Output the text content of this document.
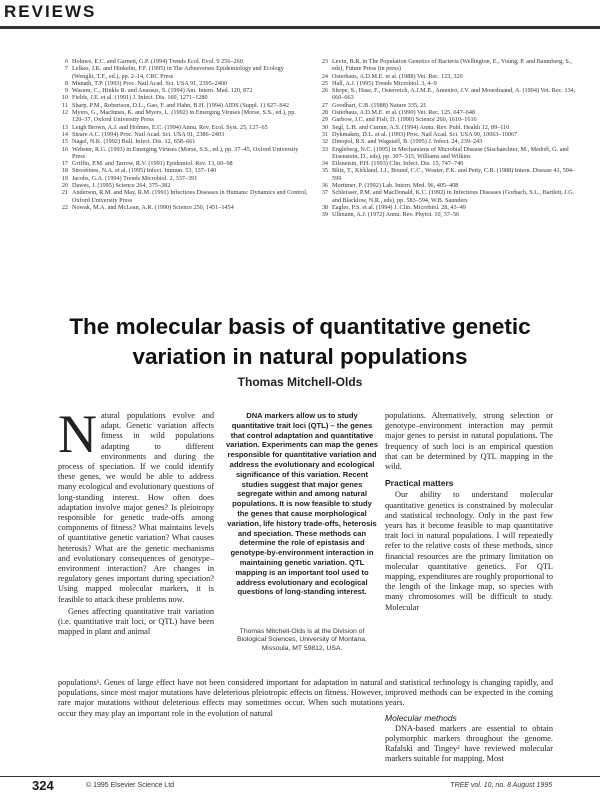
REVIEWS
6 Holmes, E.C. and Garnett, G.P. (1994) Trends Ecol. Evol. 9 256–260
7 Lelkes, J.K. and Hinkelm, F.F. (1995) in The Arbusverses Epidemiology and Ecology (Wenglit, T.F., ed.), pp. 2–14, CRC Press
8 Munath, T.P. (1993) Proc. Natl Acad. Sci. USA 91, 2395–2400
9 Wasum, C., Hinkle R. and Anassus, S. (1994) Am. Intern. Med. 120, 872
10 Fields, J.E. et al. (1991) J. Infect. Dis. 160, 1271–1280
11 Sharp, P.M., Robertson, D.L., Gao, F. and Hahn, B.H. (1994) AIDS (Suppl. 1) S27–S42
12 Myers, G., MacInnes, K. and Myers, L. (1992) in Emerging Viruses (Morse, S.S., ed.), pp. 120–37, Oxford University Press
13 Leigh Brown, A.J. and Holmes, E.C. (1994) Annu. Rev. Ecol. Syst. 25, 127–65
14 Steare A.C. (1994) Proc. Natl Acad. Sci. USA 91, 2386–2403
15 Nagel, N.K. (1992) Bull. Infect. Dis. 12, 658–661
16 Webster, R.G. (1993) in Emerging Viruses (Morse, S.S., ed.), pp. 37–45, Oxford University Press
17 Griffin, P.M. and Tarrow, R.V. (1991) Epidemiol. Rev. 13, 60–98
18 Stroobines, N.A. et al. (1995) Infect. Immun. 53, 137–140
19 Jacobs, G.A. (1994) Trends Microbiol. 2, 337–391
20 Dawes, J. (1995) Science 264, 375–382
21 Anderson, R.M. and May, R.M. (1991) Infectious Diseases in Humans: Dynamics and Control, Oxford University Press
22 Nowak, M.A. and McLean, A.R. (1990) Science 250, 1451–1454
23 Levin, B.R. in The Population Genetics of Bacteria (Wellington, E., Young, P. and Baumberg, S., eds), Future Press (in press)
24 Osterhaus, A.D.M.E. et al. (1988) Vet. Rec. 123, 326
25 Hall, A.J. (1995) Trends Microbiol. 3, 4–9
26 Shope, S., Hase, F., Osterreich, A.J.M.E., Ameniro, J.V. and Mourdraand, A. (1994) Vet. Rec. 134, 660–663
27 Goodhart, C.B. (1988) Nature 335, 21
28 Osterhaus, A.D.M.E. et al. (1990) Vet. Rec. 125, 647–648
29 Garbow, J.C. and Fish, D. (1990) Science 260, 1610–1616
30 Segl, L.H. and Curran, A.S. (1994) Annu. Rev. Publ. Health 12, 89–110
31 Dykmaken, D.L. et al. (1993) Proc. Natl Acad. Sci. USA 90, 10063–10067
32 Dinopol, R.S. and Wagstaff, B. (1995) J. Infect. 24, 239–243
33 Engleberg, N.C. (1995) in Mechanisms of Microbial Disease (Sischaechter, M., Medoff, G. and Eisenstein, D., eds), pp. 307–315, Williams and Wilkins
34 Eilsneisin, P.H. (1993) Clin. Infect. Dis. 15, 747–740
35 Blitz, T., Kirkland, J.J., Bound, C.C., Wouter, F.K. and Petty, C.R. (1988) Intern. Disease 41, 594–599
36 Mortimer, P. (1992) Lab. Intern. Med. 96, 405–408
37 Schleisser, P.M. and MacDonald, K.C. (1992) in Infectious Diseases (Gorbach, S.L., Bartlett, J.G. and Blacklow, N.R., eds), pp. 583–594, W.B. Saunders
38 Eagles, P.S. et al. (1994) J. Clin. Microbiol. 28, 43–49
39 Ullmann, A.J. (1972) Annu. Rev. Phytot. 10, 37–56
The molecular basis of quantitative genetic variation in natural populations
Thomas Mitchell-Olds

Natural populations evolve and adapt. Genetic variation affects fitness in wild populations adapting to different environments and during the process of speciation. If we could identify these genes, we would be able to address many ecological and evolutionary questions of long-standing interest. How often does adaptation involve major genes? Is pleiotropy responsible for genetic trade-offs among components of fitness? What maintains levels of quantitative genetic variation? What causes heterosis? What are the genetic mechanisms and evolutionary consequences of genotype–environment interaction? Are changes in regulatory genes important during speciation? Using mapped molecular markers, it is feasible to attack these problems now.

Genes affecting quantitative trait variation (i.e. quantitative trait loci, or QTL) have been mapped in plant and animal

DNA markers allow us to study quantitative trait loci (QTL) – the genes that control adaptation and quantitative variation. Experiments can map the genes responsible for quantitative variation and address the evolutionary and ecological significance of this variation. Recent studies suggest that major genes segregate within and among natural populations. It is now feasible to study the genes that cause morphological variation, life history trade-offs, heterosis and speciation. These methods can determine the role of epistasis and genotype-by-environment interaction in maintaining genetic variation. QTL mapping is an important tool used to address evolutionary and ecological questions of long-standing interest.
Thomas Mitchell-Olds is at the Division of Biological Sciences, University of Montana, Missoula, MT 59812, USA.

populations. Alternatively, strong selection or genotype–environment interaction may permit major genes to persist in natural populations. The frequency of such loci is an empirical question that can be determined by QTL mapping in the wild.

Practical matters

Our ability to understand molecular quantitative genetics is constrained by molecular and statistical technology. Only in the past few years has it become feasible to map quantitative trait loci in natural populations. I will repeatedly refer to the relative costs of these methods, since financial resources are the primary limitation on molecular quantitative genetics. For QTL mapping, expenditures are roughly proportional to the length of the linkage map, so species with many chromosomes will be difficult to study. Molecular

populations¹. Genes of large effect have not been considered important for adaptation in natural populations, since most major mutations have deleterious pleiotropic effects on fitness. However, rare major mutations without deleterious effects may sometimes occur. When such mutations occur they may play an important role in the evolution of natural

and statistical technology is changing rapidly, and improved methods can be expected in the coming years.

Molecular methods

DNA-based markers are essential to obtain polymorphic markers throughout the genome. Rafalski and Tingey² have reviewed molecular markers suitable for mapping. Most

324	© 1995 Elsevier Science Ltd	TREE vol. 10, no. 8 August 1995
